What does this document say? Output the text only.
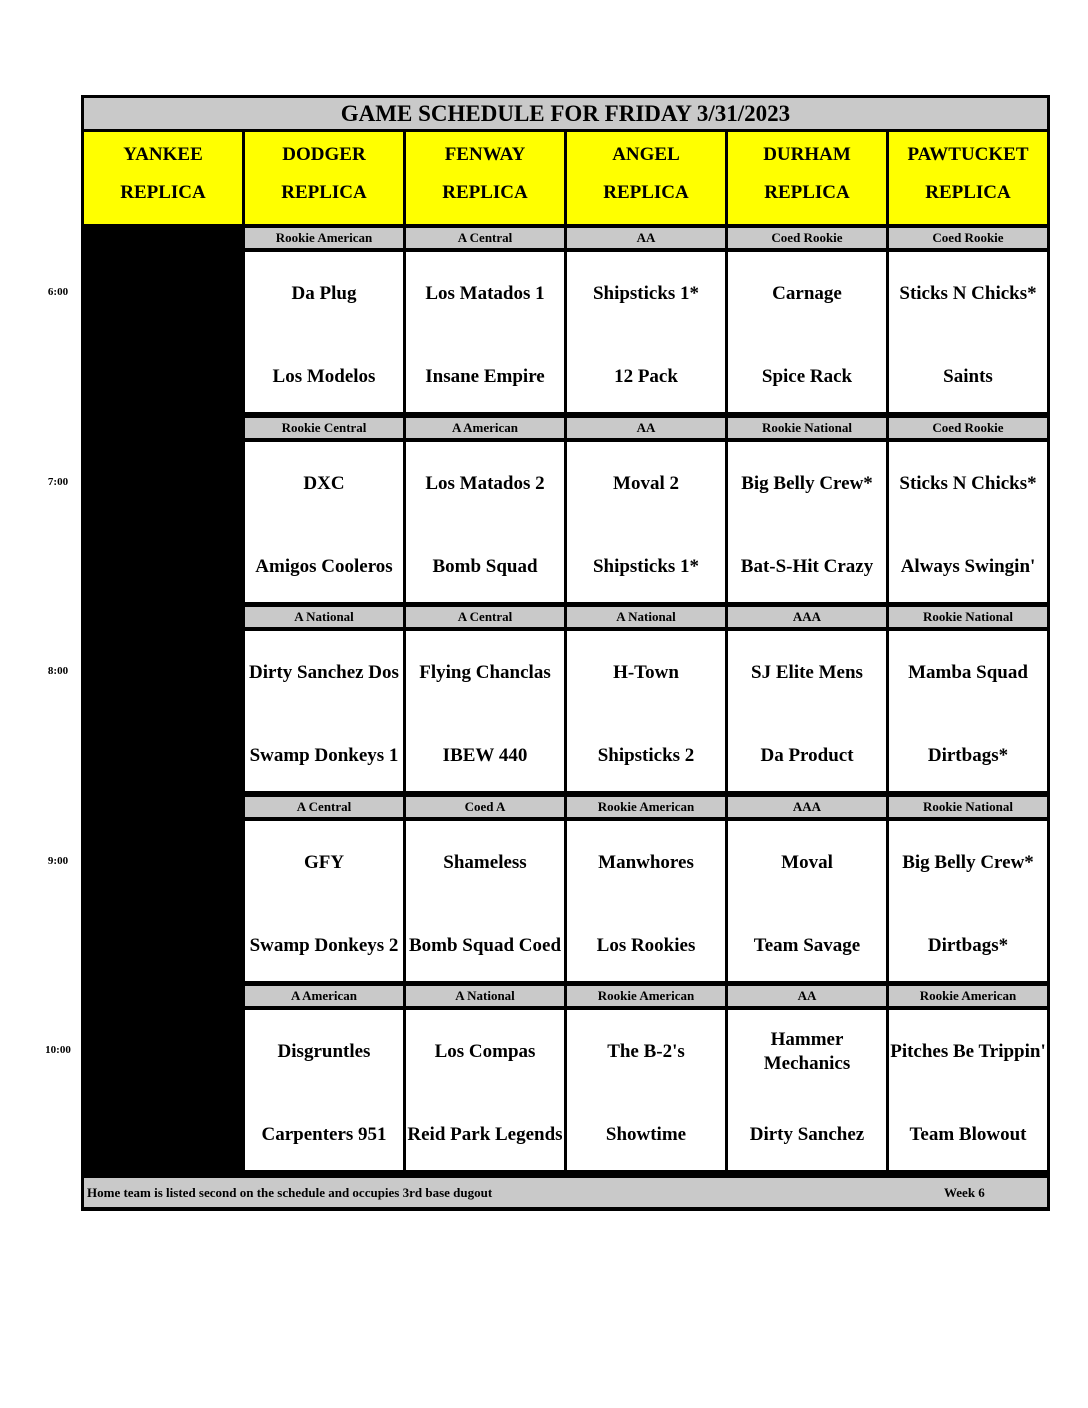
GAME SCHEDULE FOR FRIDAY 3/31/2023
YANKEE
REPLICA
DODGER
REPLICA
FENWAY
REPLICA
ANGEL
REPLICA
DURHAM
REPLICA
PAWTUCKET
REPLICA
6:00
Rookie American
Da Plug
Los Modelos
A Central
Los Matados 1
Insane Empire
AA
Shipsticks 1*
12 Pack
Coed Rookie
Carnage
Spice Rack
Coed Rookie
Sticks N Chicks*
Saints
7:00
Rookie Central
DXC
Amigos Cooleros
A American
Los Matados 2
Bomb Squad
AA
Moval 2
Shipsticks 1*
Rookie National
Big Belly Crew*
Bat-S-Hit Crazy
Coed Rookie
Sticks N Chicks*
Always Swingin'
8:00
A National
Dirty Sanchez Dos
Swamp Donkeys 1
A Central
Flying Chanclas
IBEW 440
A National
H-Town
Shipsticks 2
AAA
SJ Elite Mens
Da Product
Rookie National
Mamba Squad
Dirtbags*
9:00
A Central
GFY
Swamp Donkeys 2
Coed A
Shameless
Bomb Squad Coed
Rookie American
Manwhores
Los Rookies
AAA
Moval
Team Savage
Rookie National
Big Belly Crew*
Dirtbags*
10:00
A American
Disgruntles
Carpenters 951
A National
Los Compas
Reid Park Legends
Rookie American
The B-2's
Showtime
AA
Hammer Mechanics
Dirty Sanchez
Rookie American
Pitches Be Trippin'
Team Blowout
Home team is listed second on the schedule and occupies 3rd base dugout	Week 6
